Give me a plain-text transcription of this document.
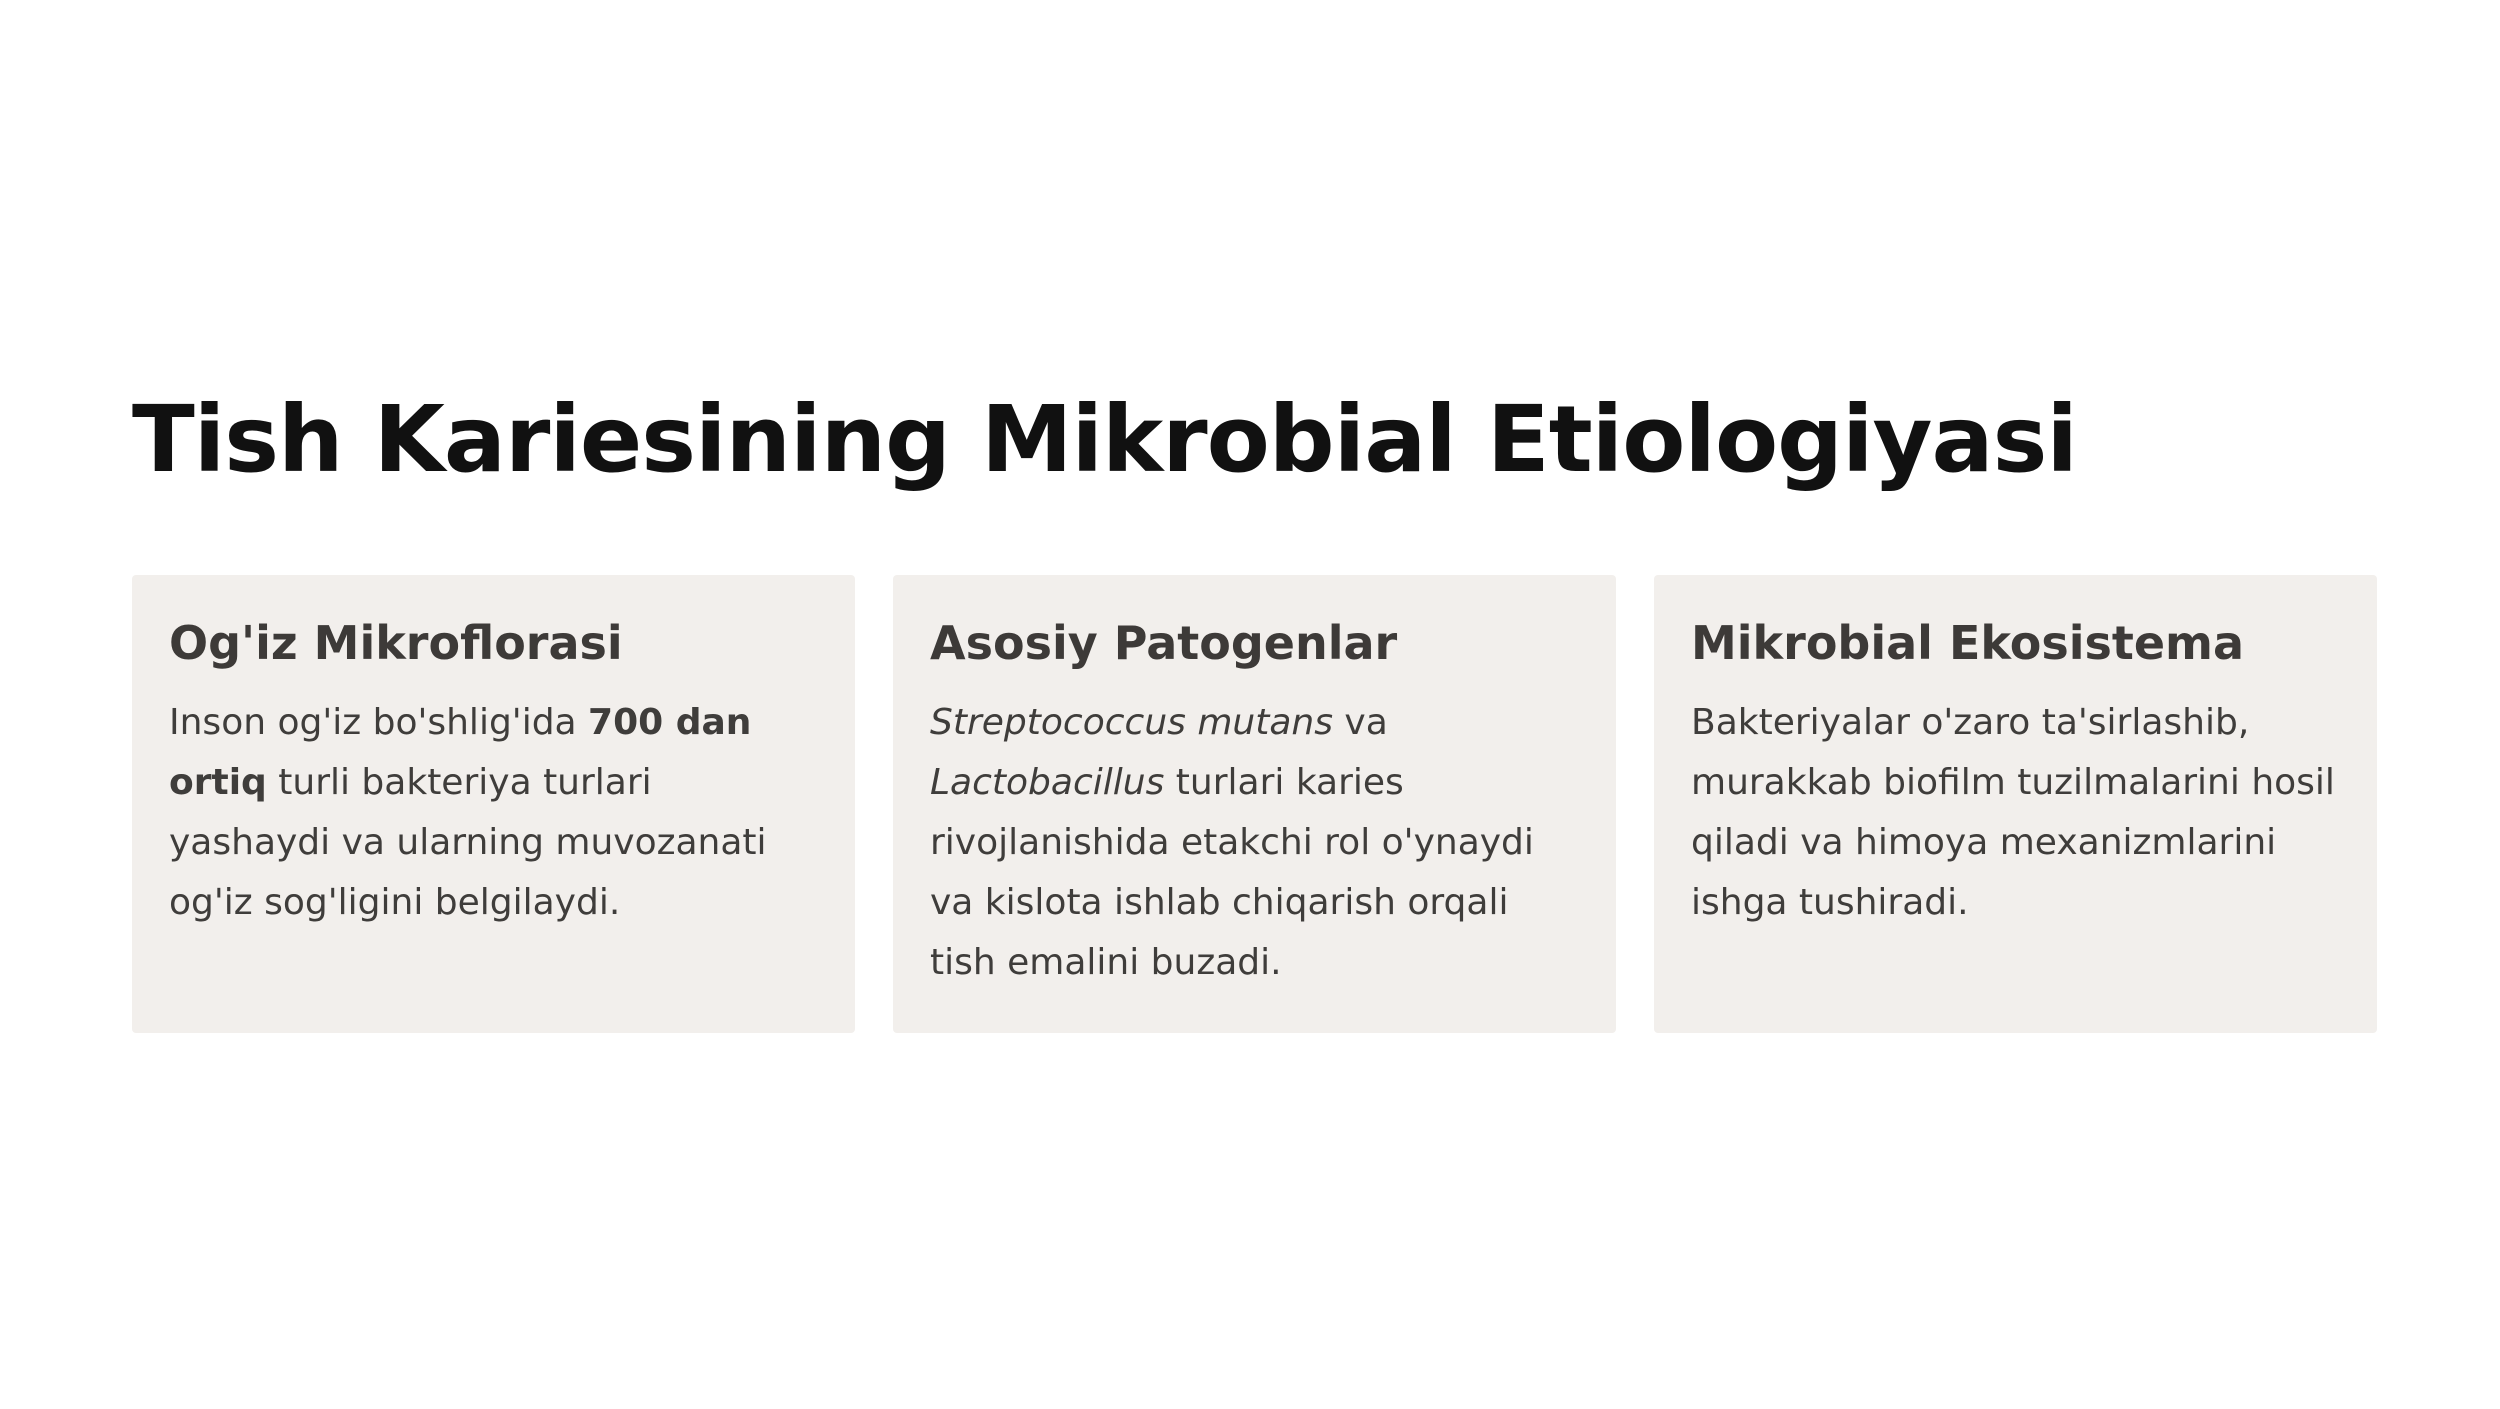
Tish Kariesining Mikrobial Etiologiyasi
Og'iz Mikroflorasi

Inson og'iz bo'shlig'ida 700 dan ortiq turli bakteriya turlari yashaydi va ularning muvozanati og'iz sog'ligini belgilaydi.

Asosiy Patogenlar

Streptococcus mutans va Lactobacillus turlari karies rivojlanishida etakchi rol o'ynaydi va kislota ishlab chiqarish orqali tish emalini buzadi.

Mikrobial Ekosistema

Bakteriyalar o'zaro ta'sirlashib, murakkab biofilm tuzilmalarini hosil qiladi va himoya mexanizmlarini ishga tushiradi.
